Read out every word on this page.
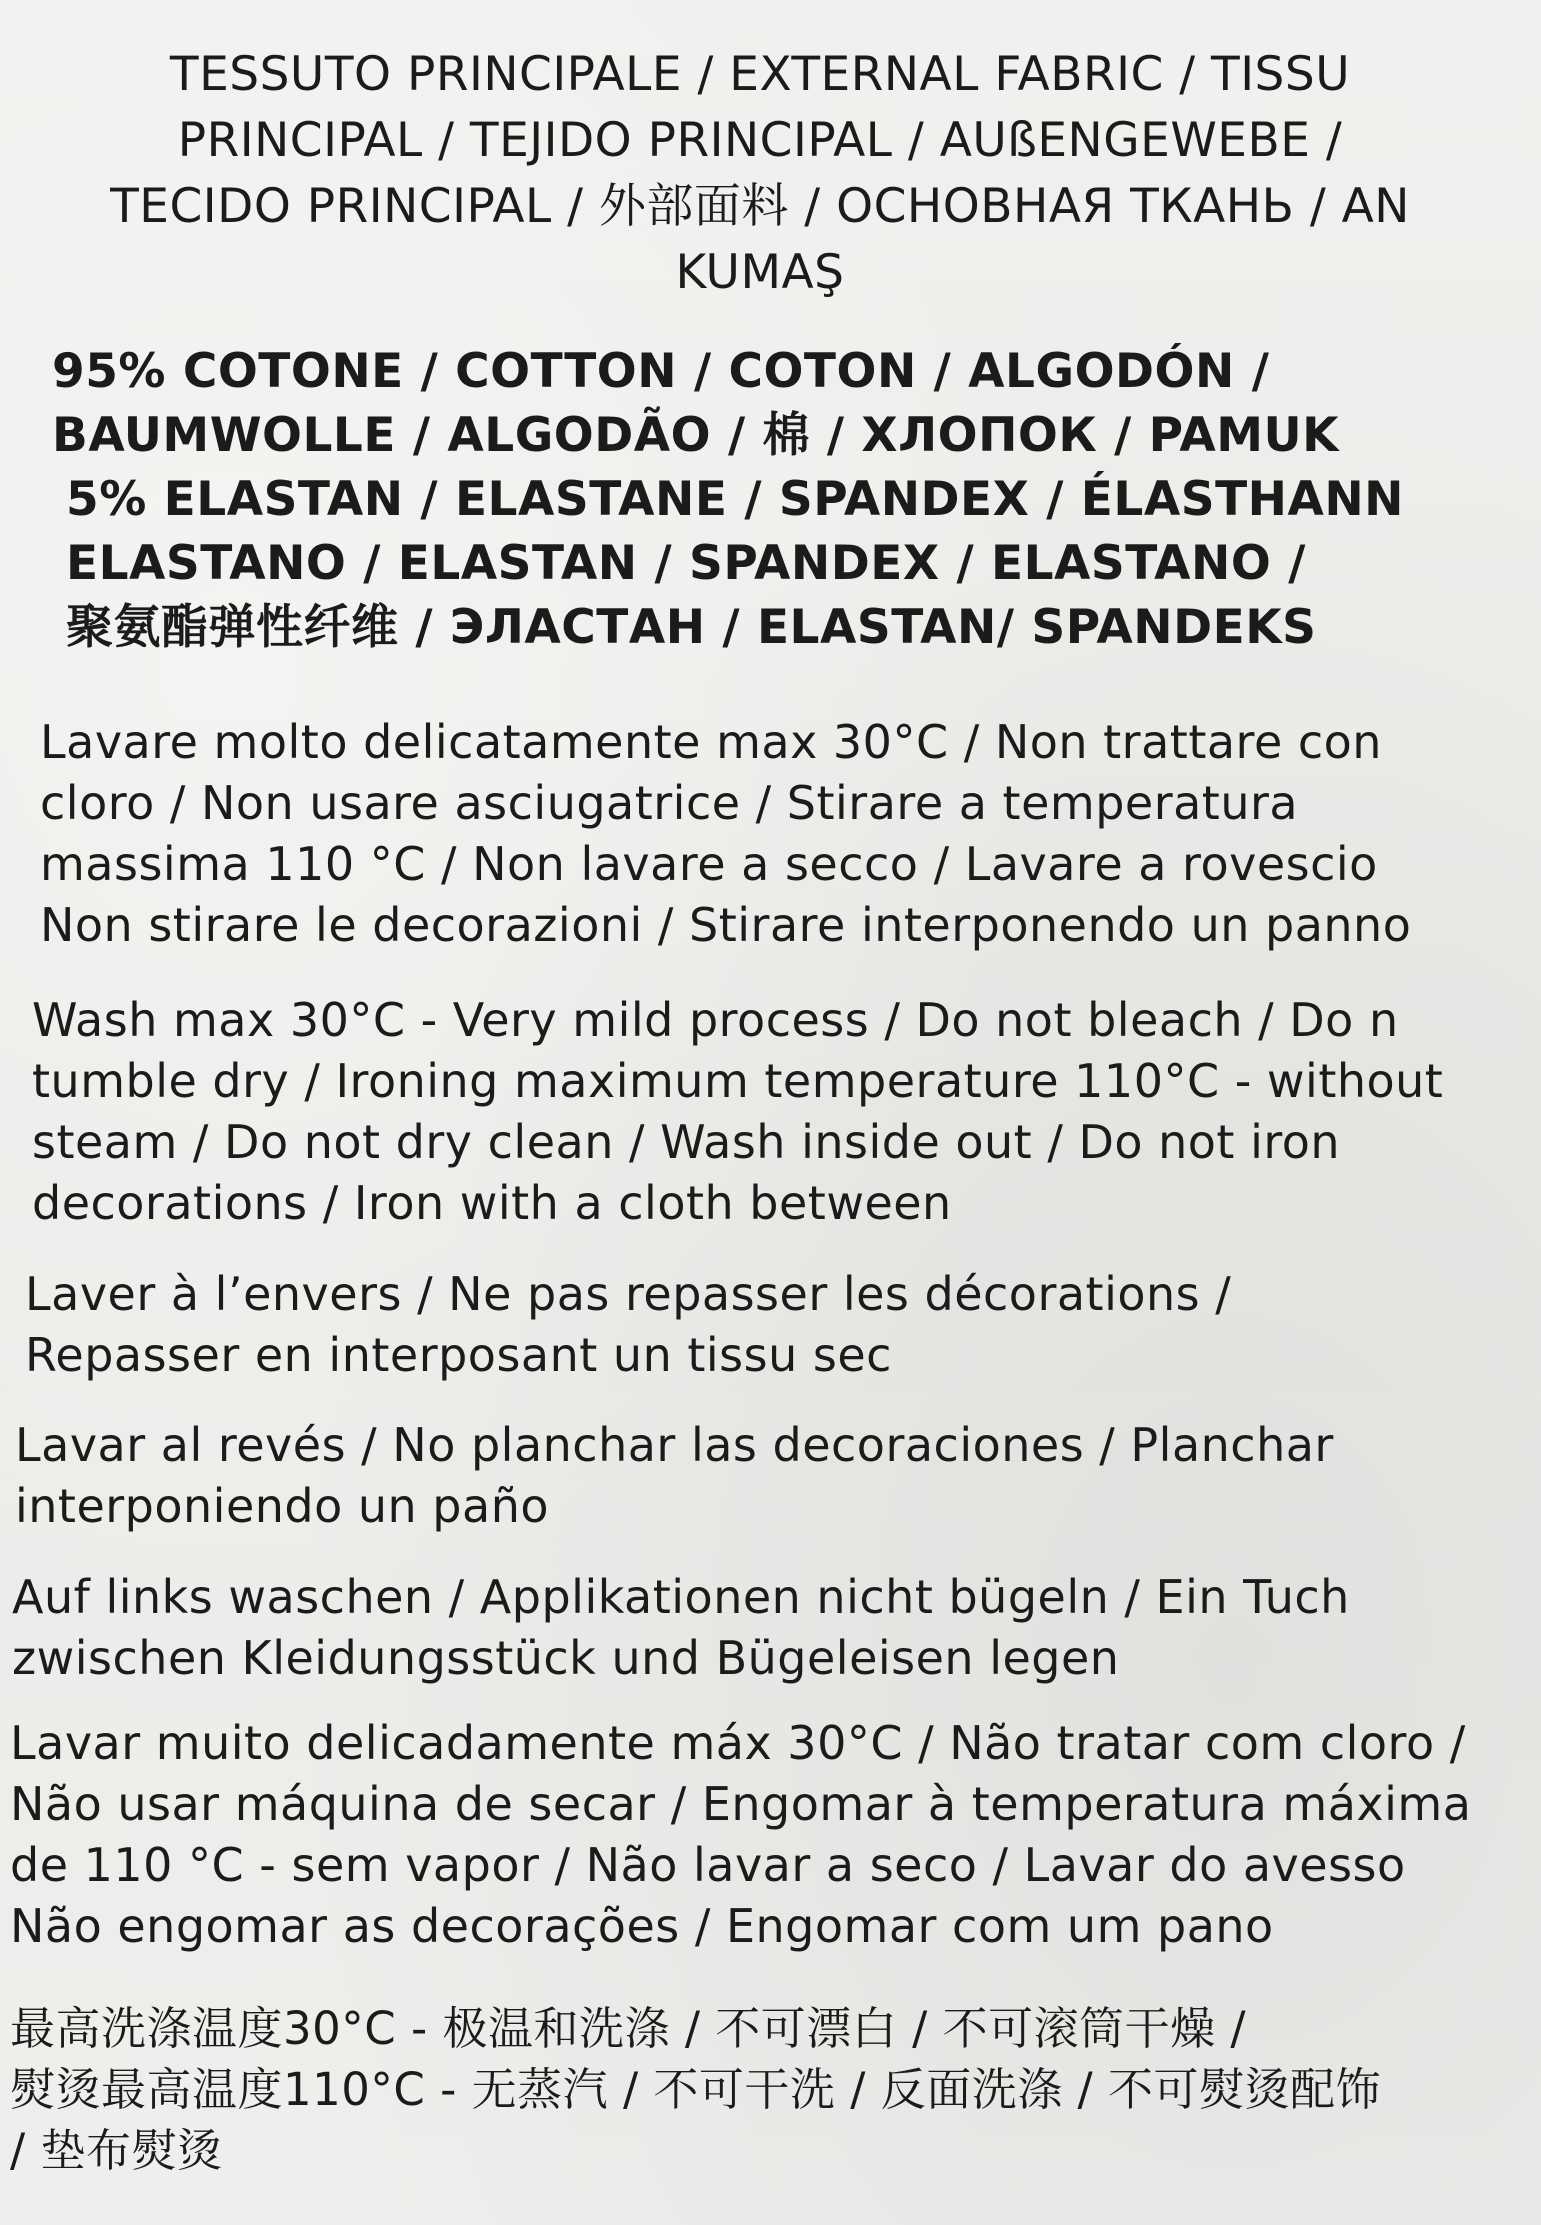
TESSUTO PRINCIPALE / EXTERNAL FABRIC / TISSU
PRINCIPAL / TEJIDO PRINCIPAL / AUßENGEWEBE /
TECIDO PRINCIPAL / 外部面料 / ОСНОВНАЯ ТКАНЬ / AN
KUMAŞ
95% COTONE / COTTON / COTON / ALGODÓN /
BAUMWOLLE / ALGODÃO / 棉 / ХЛОПОК / PAMUK
5% ELASTAN / ELASTANE / SPANDEX / ÉLASTHANN
ELASTANO / ELASTAN / SPANDEX / ELASTANO /
聚氨酯弹性纤维 / ЭЛАСТАН / ELASTAN/ SPANDEKS
Lavare molto delicatamente max 30°C / Non trattare con
cloro / Non usare asciugatrice / Stirare a temperatura
massima 110 °C / Non lavare a secco / Lavare a rovescio
Non stirare le decorazioni / Stirare interponendo un panno
Wash max 30°C - Very mild process / Do not bleach / Do n
tumble dry / Ironing maximum temperature 110°C - without
steam / Do not dry clean / Wash inside out / Do not iron
decorations / Iron with a cloth between
Laver à l’envers / Ne pas repasser les décorations /
Repasser en interposant un tissu sec
Lavar al revés / No planchar las decoraciones / Planchar
interponiendo un paño
Auf links waschen / Applikationen nicht bügeln / Ein Tuch
zwischen Kleidungsstück und Bügeleisen legen
Lavar muito delicadamente máx 30°C / Não tratar com cloro /
Não usar máquina de secar / Engomar à temperatura máxima
de 110 °C - sem vapor / Não lavar a seco / Lavar do avesso
Não engomar as decorações / Engomar com um pano
最高洗涤温度30°C - 极温和洗涤 / 不可漂白 / 不可滚筒干燥 /
熨烫最高温度110°C - 无蒸汽 / 不可干洗 / 反面洗涤 / 不可熨烫配饰
/ 垫布熨烫
